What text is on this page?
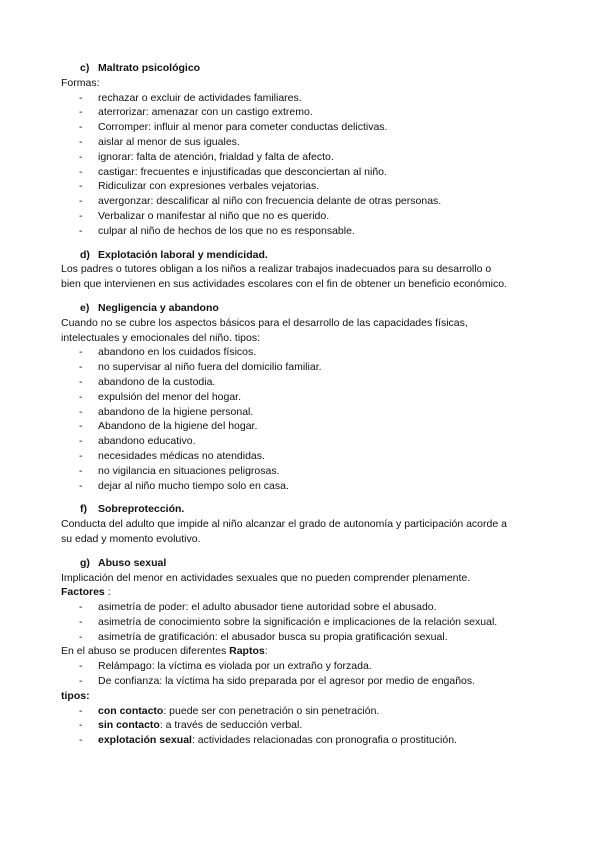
c) Maltrato psicológico

Formas:

- rechazar o excluir de actividades familiares.
- aterrorizar: amenazar con un castigo extremo.
- Corromper: influir al menor para cometer conductas delictivas.
- aislar al menor de sus iguales.
- ignorar: falta de atención, frialdad y falta de afecto.
- castigar: frecuentes e injustificadas que desconciertan al niño.
- Ridiculizar con expresiones verbales vejatorias.
- avergonzar: descalificar al niño con frecuencia delante de otras personas.
- Verbalizar o manifestar al niño que no es querido.
- culpar al niño de hechos de los que no es responsable.

d) Explotación laboral y mendicidad.

Los padres o tutores obligan a los niños a realizar trabajos inadecuados para su desarrollo o

bien que intervienen en sus actividades escolares con el fin de obtener un beneficio económico.

e) Negligencia y abandono

Cuando no se cubre los aspectos básicos para el desarrollo de las capacidades físicas,

intelectuales y emocionales del niño. tipos:

- abandono en los cuidados físicos.
- no supervisar al niño fuera del domicilio familiar.
- abandono de la custodia.
- expulsión del menor del hogar.
- abandono de la higiene personal.
- Abandono de la higiene del hogar.
- abandono educativo.
- necesidades médicas no atendidas.
- no vigilancia en situaciones peligrosas.
- dejar al niño mucho tiempo solo en casa.

f) Sobreprotección.

Conducta del adulto que impide al niño alcanzar el grado de autonomía y participación acorde a

su edad y momento evolutivo.

g) Abuso sexual

Implicación del menor en actividades sexuales que no pueden comprender plenamente.

Factores :

- asimetría de poder: el adulto abusador tiene autoridad sobre el abusado.
- asimetría de conocimiento sobre la significación e implicaciones de la relación sexual.
- asimetría de gratificación: el abusador busca su propia gratificación sexual.

En el abuso se producen diferentes Raptos:

- Relámpago: la víctima es violada por un extraño y forzada.
- De confianza: la víctima ha sido preparada por el agresor por medio de engaños.

tipos:

- con contacto: puede ser con penetración o sin penetración.
- sin contacto: a través de seducción verbal.
- explotación sexual: actividades relacionadas con pronografia o prostitución.
